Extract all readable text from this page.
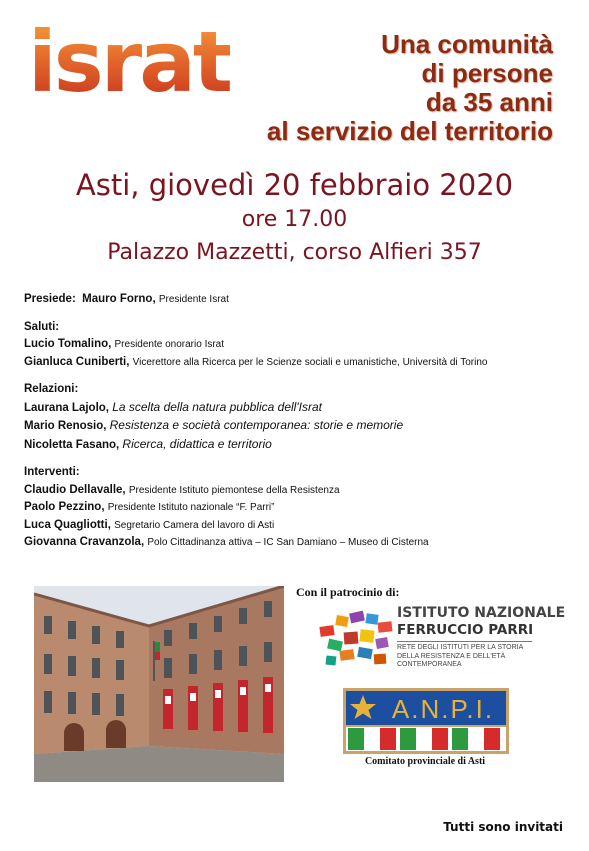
israt	Una comunità
di persone
da 35 anni
al servizio del territorio
Asti, giovedì 20 febbraio 2020
ore 17.00
Palazzo Mazzetti, corso Alfieri 357
Presiede: Mauro Forno, Presidente Israt
Saluti:
Lucio Tomalino, Presidente onorario Israt
Gianluca Cuniberti, Vicerettore alla Ricerca per le Scienze sociali e umanistiche, Università di Torino
Relazioni:
Laurana Lajolo, La scelta della natura pubblica dell'Israt
Mario Renosio, Resistenza e società contemporanea: storie e memorie
Nicoletta Fasano, Ricerca, didattica e territorio
Interventi:
Claudio Dellavalle, Presidente Istituto piemontese della Resistenza
Paolo Pezzino, Presidente Istituto nazionale “F. Parri”
Luca Quagliotti, Segretario Camera del lavoro di Asti
Giovanna Cravanzola, Polo Cittadinanza attiva – IC San Damiano – Museo di Cisterna
Con il patrocinio di:
ISTITUTO NAZIONALE
FERRUCCIO PARRI
RETE DEGLI ISTITUTI PER LA STORIA DELLA RESISTENZA E DELL'ETÀ CONTEMPORANEA
A.N.P.I.
Comitato provinciale di Asti
Tutti sono invitati
